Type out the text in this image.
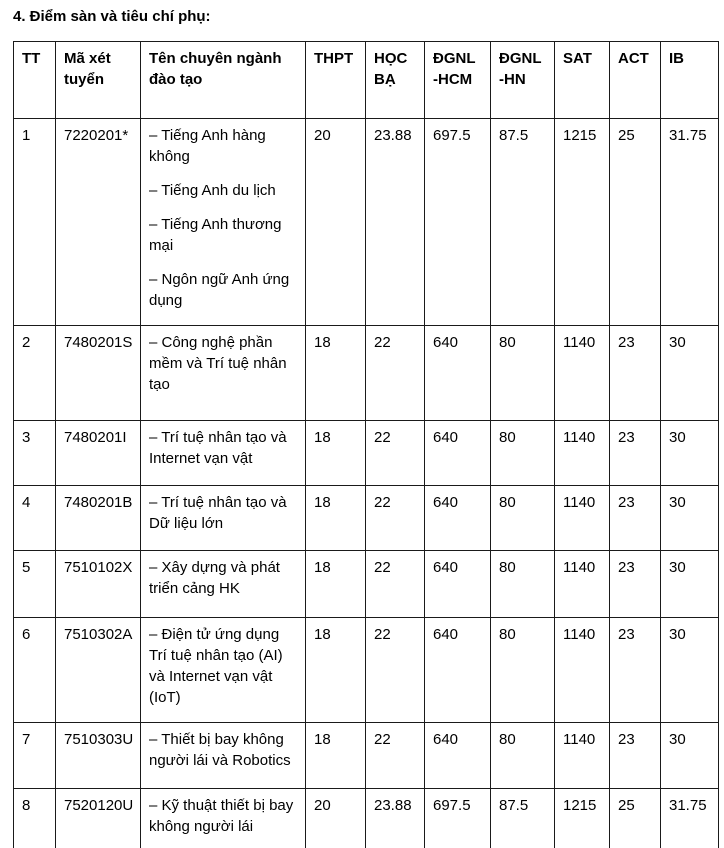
4. Điểm sàn và tiêu chí phụ:
TT	Mã xét tuyển	Tên chuyên ngành đào tạo	THPT	HỌC BẠ	ĐGNL -HCM	ĐGNL -HN	SAT	ACT	IB
1	7220201*	– Tiếng Anh hàng không
– Tiếng Anh du lịch
– Tiếng Anh thương mại
– Ngôn ngữ Anh ứng dụng	20	23.88	697.5	87.5	1215	25	31.75
2	7480201S	– Công nghệ phần mềm và Trí tuệ nhân tạo	18	22	640	80	1140	23	30
3	7480201I	– Trí tuệ nhân tạo và Internet vạn vật	18	22	640	80	1140	23	30
4	7480201B	– Trí tuệ nhân tạo và Dữ liệu lớn	18	22	640	80	1140	23	30
5	7510102X	– Xây dựng và phát triển cảng HK	18	22	640	80	1140	23	30
6	7510302A	– Điện tử ứng dụng Trí tuệ nhân tạo (AI) và Internet vạn vật (IoT)	18	22	640	80	1140	23	30
7	7510303U	– Thiết bị bay không người lái và Robotics	18	22	640	80	1140	23	30
8	7520120U	– Kỹ thuật thiết bị bay không người lái	20	23.88	697.5	87.5	1215	25	31.75
